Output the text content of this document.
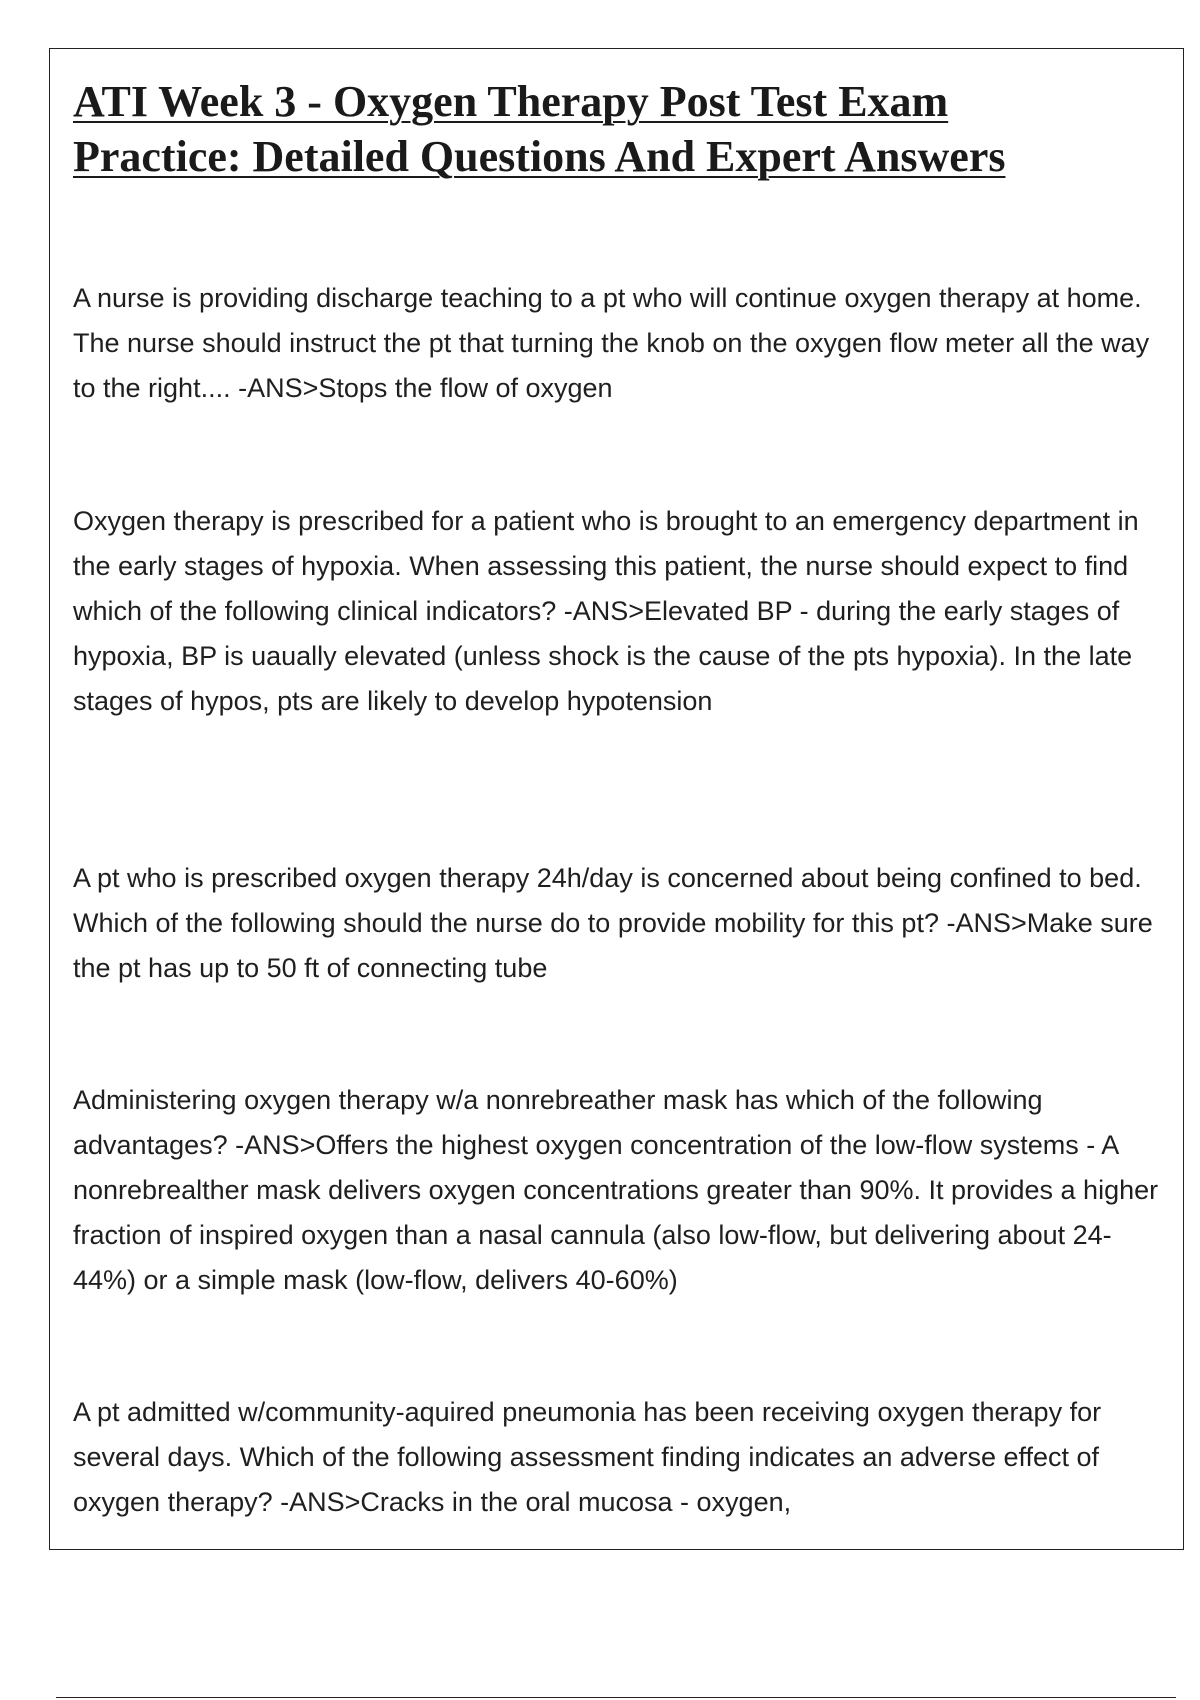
ATI Week 3 - Oxygen Therapy Post Test Exam
Practice: Detailed Questions And Expert Answers

A nurse is providing discharge teaching to a pt who will continue oxygen therapy at home. The nurse should instruct the pt that turning the knob on the oxygen flow meter all the way to the right.... -ANS>Stops the flow of oxygen

Oxygen therapy is prescribed for a patient who is brought to an emergency department in the early stages of hypoxia. When assessing this patient, the nurse should expect to find which of the following clinical indicators? -ANS>Elevated BP - during the early stages of hypoxia, BP is uaually elevated (unless shock is the cause of the pts hypoxia). In the late stages of hypos, pts are likely to develop hypotension

A pt who is prescribed oxygen therapy 24h/day is concerned about being confined to bed. Which of the following should the nurse do to provide mobility for this pt? -ANS>Make sure the pt has up to 50 ft of connecting tube

Administering oxygen therapy w/a nonrebreather mask has which of the following advantages? -ANS>Offers the highest oxygen concentration of the low-flow systems - A nonrebrealther mask delivers oxygen concentrations greater than 90%. It provides a higher fraction of inspired oxygen than a nasal cannula (also low-flow, but delivering about 24-44%) or a simple mask (low-flow, delivers 40-60%)

A pt admitted w/community-aquired pneumonia has been receiving oxygen therapy for several days. Which of the following assessment finding indicates an adverse effect of oxygen therapy? -ANS>Cracks in the oral mucosa - oxygen,
